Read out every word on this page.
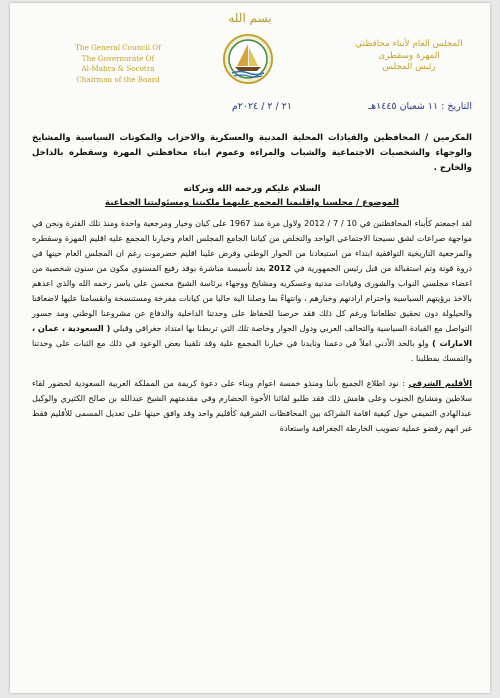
بسم الله
The General Council Of
The Governorate Of
Al-Mahra & Socotra
Chairman of the Board
المجلس العام لأبناء محافظتي
المهرة وسقطرى
رئيس المجلس
التاريخ : ١١ شعبان ١٤٤٥هـ
٢١ / ٢ / ٢٠٢٤م

المكرمين / المحافظين والقيادات المحلية المدنية والعسكرية والاحزاب والمكونات السياسية والمشايخ والوجهاء والشخصيات الاجتماعية والشباب والمراءه وعموم ابناء محافظتي المهرة وسقطره بالداخل والخارج .

السلام عليكم ورحمه الله وبركاته

الموضوع / مجلسنا واقليمنا المجمع عليهما ملكيتنا ومسئوليتنا الجماعية

لقد اجمعتم كأبناء المحافظتين في 10 / 7 / 2012 ولاول مرة منذ 1967 على كيان وخيار ومرجعية واحدة ومنذ تلك الفترة ونحن في مواجهة صراعات لشق نسيجنا الاجتماعي الواحد والتخلص من كياننا الجامع المجلس العام وخيارنا المجمع عليه اقليم المهرة وسقطره والمرجعية التاريخية التوافقية ابتداء من استبعادنا من الحوار الوطني وفرض علينا اقليم حضرموت رغم ان المجلس العام حينها في ذروة قوتة وتم استقبالة من قبل رئيس الجمهورية في 2012 بعد تأسيسة مباشرة بوفد رفيع المستوي مكون من ستون شخصية من اعضاء مجلسي النواب والشورى وقيادات مدنية وعسكريه ومشايخ ووجهاء برئاسة الشيخ محسن علي ياسر رحمه الله والذي اعدهم بالاخذ برؤيتهم السياسية واحترام ارادتهم وخيارهم ، وانتهاءً بما وصلنا الية حاليا من كيانات مفرخة ومستنسخة وانقسامنا عليها لاضعافنا والحيلولة دون تحقيق تطلعاتنا ورغم كل ذلك فقد حرصنا للحفاظ على وحدتنا الداخلية والدفاع عن مشروعنا الوطني ومد جسور التواصل مع القيادة السياسية والتحالف العربي ودول الجوار وخاصة تلك التي تربطنا بها امتداد جغرافي وقبلي ( السعودية ، عمان ، الامارات ) ولو بالحد الأدني املاً في دعمنا وتايدنا في خيارنا المجمع علية وقد تلقينا بعض الوعود في ذلك مع الثبات على وحدتنا والتمسك بمطلبنا .

الأقليم الشرقي : نود اطلاع الجميع بأننا ومنذو خمسة اعوام وبناء على دعوة كريمة من المملكة العربية السعودية لحضور لقاء سلاطين ومشايخ الجنوب وعلى هامش ذلك فقد طلبو لقائنا الأخوة الحضارم وفي مقدمتهم الشيخ عبدالله بن صالح الكثيري والوكيل عبدالهادي التميمي حول كيفية اقامة الشراكة بين المحافظات الشرقية كأقليم واحد وقد وافق حينها على تعديل المسمى للأقليم فقط غير انهم رفضو عملية تصويب الخارطة الجغرافية واستعادة
